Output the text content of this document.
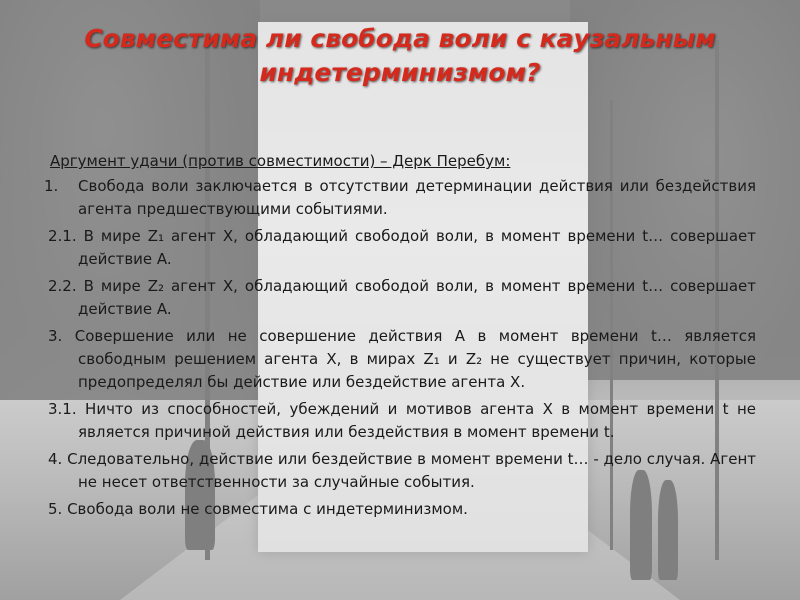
Совместима ли свобода воли с каузальным
индетерминизмом?
Аргумент удачи (против совместимости) – Дерк Перебум:
1.	Свобода воли заключается в отсутствии детерминации действия или бездействия агента предшествующими событиями.
2.1. В мире Z₁ агент X, обладающий свободой воли, в момент времени t… совершает действие A.
2.2. В мире Z₂ агент X, обладающий свободой воли, в момент времени t… совершает действие A.
3. Совершение или не совершение действия А в момент времени t… является свободным решением агента X, в мирах Z₁ и Z₂ не существует причин, которые предопределял бы действие или бездействие агента X.
3.1. Ничто из способностей, убеждений и мотивов агента X в момент времени t не является причиной действия или бездействия в момент времени t.
4. Следовательно, действие или бездействие в момент времени t… - дело случая. Агент не несет ответственности за случайные события.
5. Свобода воли не совместима с индетерминизмом.
